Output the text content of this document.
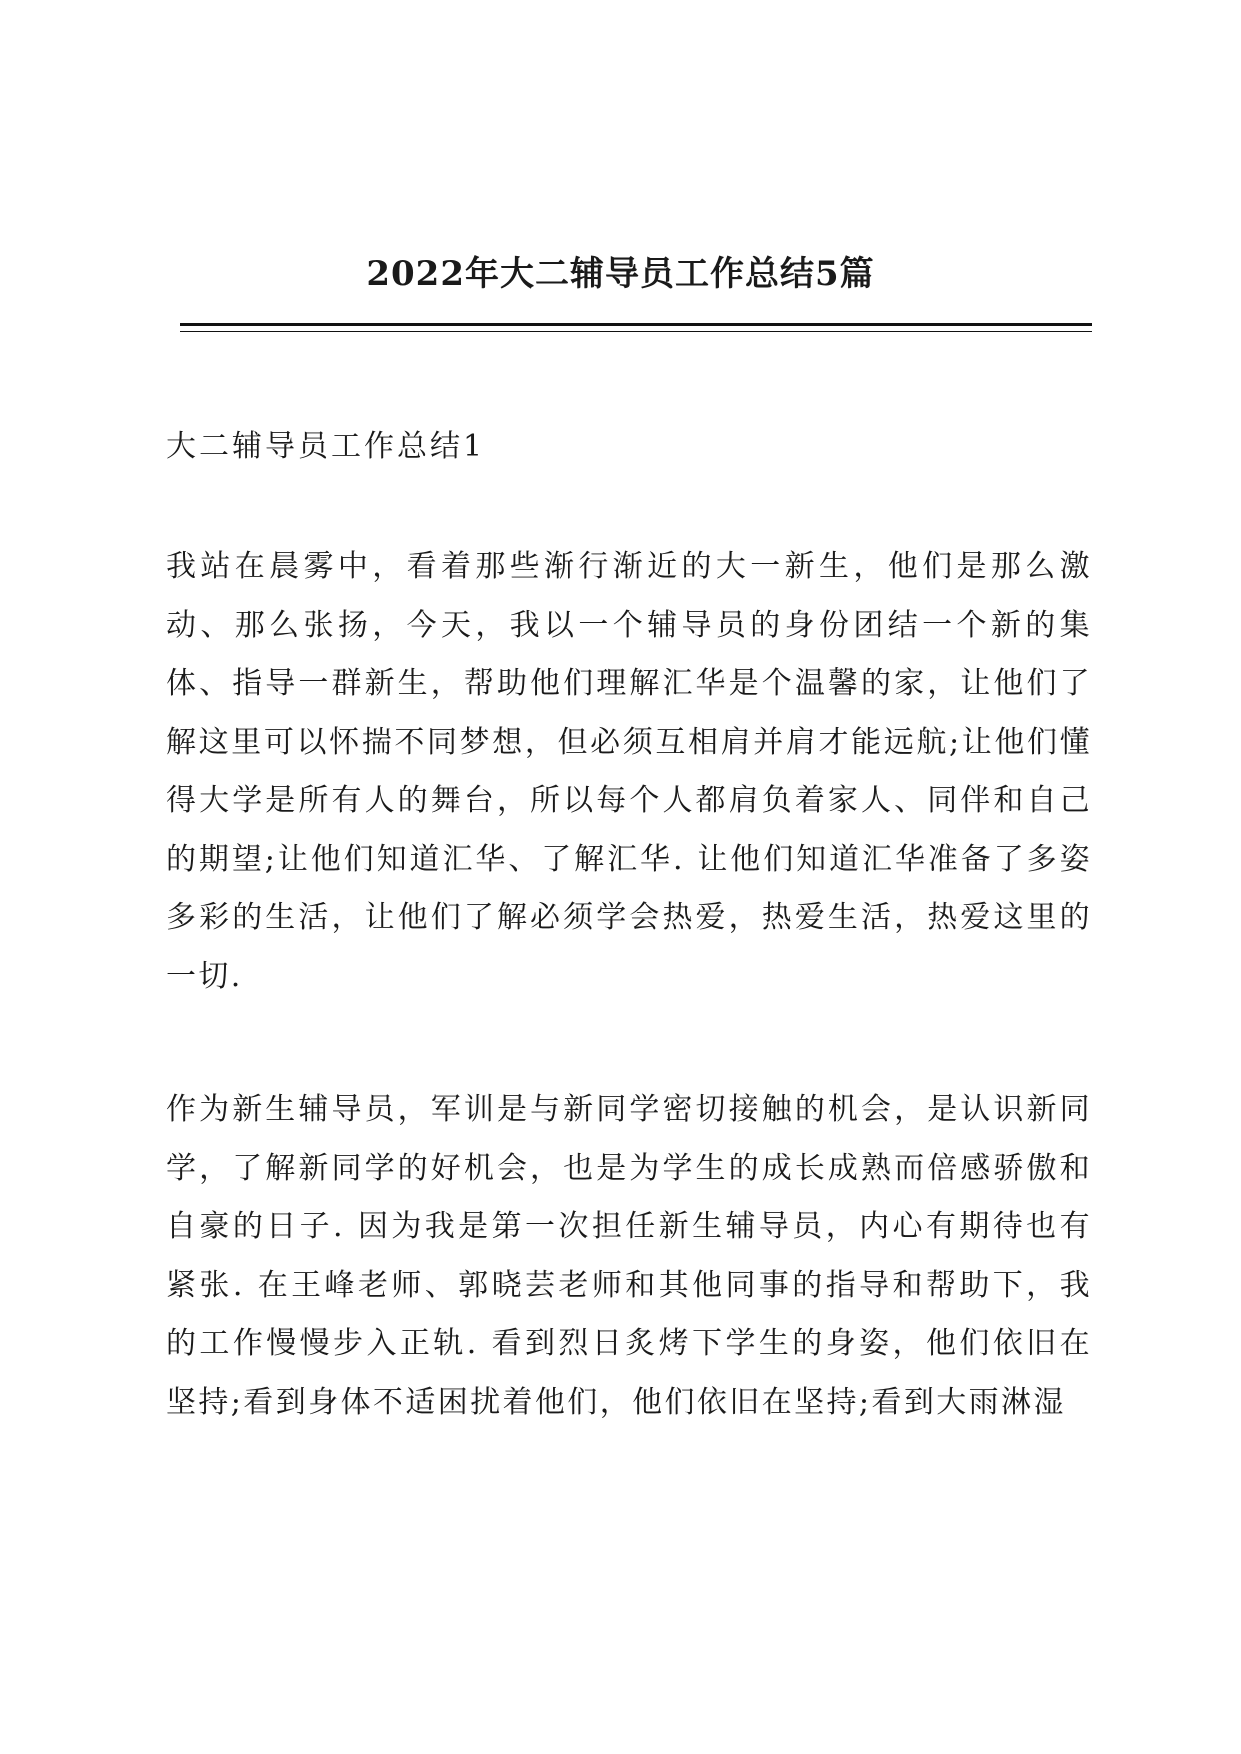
2022年大二辅导员工作总结5篇

大二辅导员工作总结1

我站在晨雾中，看着那些渐行渐近的大一新生，他们是那么激动、那么张扬，今天，我以一个辅导员的身份团结一个新的集体、指导一群新生，帮助他们理解汇华是个温馨的家，让他们了解这里可以怀揣不同梦想，但必须互相肩并肩才能远航;让他们懂得大学是所有人的舞台，所以每个人都肩负着家人、同伴和自己的期望;让他们知道汇华、了解汇华. 让他们知道汇华准备了多姿多彩的生活，让他们了解必须学会热爱，热爱生活，热爱这里的一切.

作为新生辅导员，军训是与新同学密切接触的机会，是认识新同学，了解新同学的好机会，也是为学生的成长成熟而倍感骄傲和自豪的日子. 因为我是第一次担任新生辅导员，内心有期待也有紧张. 在王峰老师、郭晓芸老师和其他同事的指导和帮助下，我的工作慢慢步入正轨. 看到烈日炙烤下学生的身姿，他们依旧在坚持;看到身体不适困扰着他们，他们依旧在坚持;看到大雨淋湿
